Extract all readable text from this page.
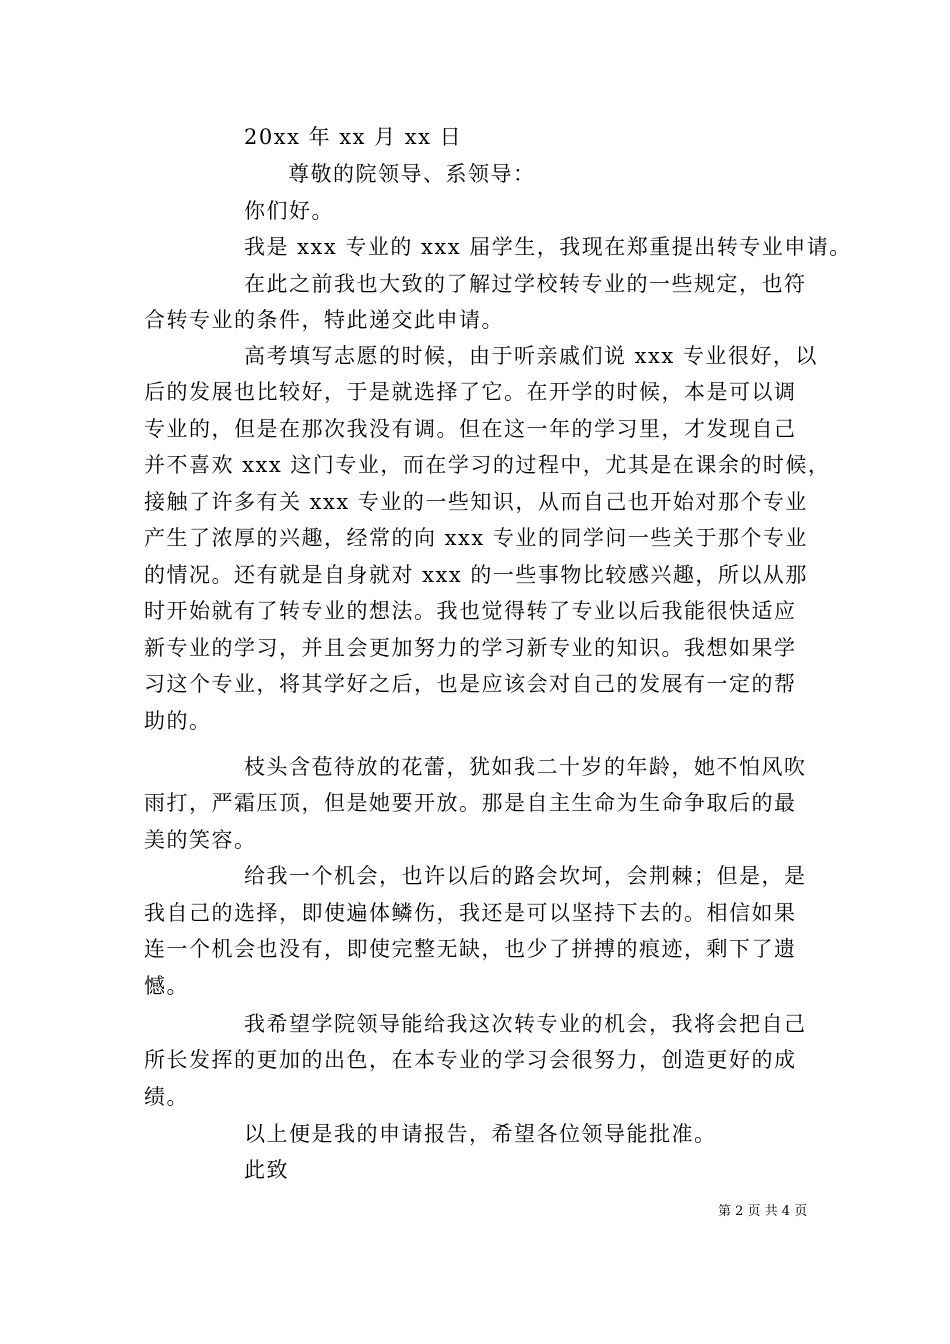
20xx 年 xx 月 xx 日
尊敬的院领导、系领导：
你们好。
我是 xxx 专业的 xxx 届学生，我现在郑重提出转专业申请。
在此之前我也大致的了解过学校转专业的一些规定，也符
合转专业的条件，特此递交此申请。
高考填写志愿的时候，由于听亲戚们说 xxx 专业很好，以
后的发展也比较好，于是就选择了它。在开学的时候，本是可以调
专业的，但是在那次我没有调。但在这一年的学习里，才发现自己
并不喜欢 xxx 这门专业，而在学习的过程中，尤其是在课余的时候，
接触了许多有关 xxx 专业的一些知识，从而自己也开始对那个专业
产生了浓厚的兴趣，经常的向 xxx 专业的同学问一些关于那个专业
的情况。还有就是自身就对 xxx 的一些事物比较感兴趣，所以从那
时开始就有了转专业的想法。我也觉得转了专业以后我能很快适应
新专业的学习，并且会更加努力的学习新专业的知识。我想如果学
习这个专业，将其学好之后，也是应该会对自己的发展有一定的帮
助的。
枝头含苞待放的花蕾，犹如我二十岁的年龄，她不怕风吹
雨打，严霜压顶，但是她要开放。那是自主生命为生命争取后的最
美的笑容。
给我一个机会，也许以后的路会坎坷，会荆棘；但是，是
我自己的选择，即使遍体鳞伤，我还是可以坚持下去的。相信如果
连一个机会也没有，即使完整无缺，也少了拼搏的痕迹，剩下了遗
憾。
我希望学院领导能给我这次转专业的机会，我将会把自己
所长发挥的更加的出色，在本专业的学习会很努力，创造更好的成
绩。
以上便是我的申请报告，希望各位领导能批准。
此致
第 2 页 共 4 页
